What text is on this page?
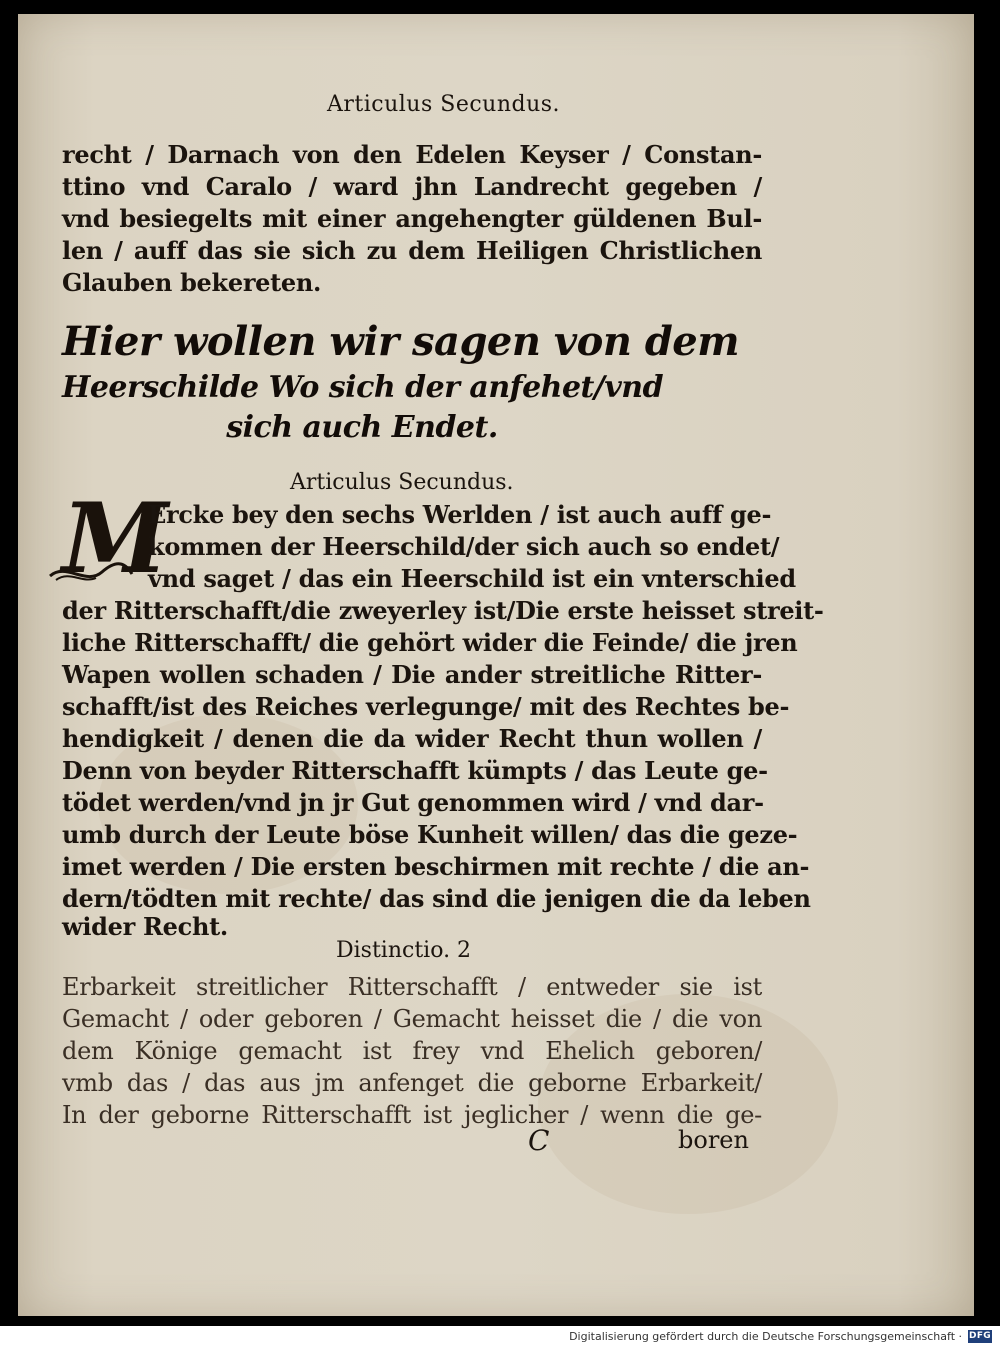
Articulus Secundus.
recht / Darnach von den Edelen Keyser / Constan-
ttino vnd Caralo / ward jhn Landrecht gegeben /
vnd besiegelts mit einer angehengter güldenen Bul-
len / auff das sie sich zu dem Heiligen Christlichen
Glauben bekereten.
Hier wollen wir sagen von dem
Heerschilde Wo sich der anfehet/vnd
sich auch Endet.
Articulus Secundus.
M
Ercke bey den sechs Werlden / ist auch auff ge-
kommen der Heerschild/der sich auch so endet/
vnd saget / das ein Heerschild ist ein vnterschied
der Ritterschafft/die zweyerley ist/Die erste heisset streit-
liche Ritterschafft/ die gehört wider die Feinde/ die jren
Wapen wollen schaden / Die ander streitliche Ritter-
schafft/ist des Reiches verlegunge/ mit des Rechtes be-
hendigkeit / denen die da wider Recht thun wollen /
Denn von beyder Ritterschafft kümpts / das Leute ge-
tödet werden/vnd jn jr Gut genommen wird / vnd dar-
umb durch der Leute böse Kunheit willen/ das die geze-
imet werden / Die ersten beschirmen mit rechte / die an-
dern/tödten mit rechte/ das sind die jenigen die da leben
wider Recht.
Distinctio. 2
Erbarkeit streitlicher Ritterschafft / entweder sie ist
Gemacht / oder geboren / Gemacht heisset die / die von
dem Könige gemacht ist frey vnd Ehelich geboren/
vmb das / das aus jm anfenget die geborne Erbarkeit/
In der geborne Ritterschafft ist jeglicher / wenn die ge-
C	boren
Digitalisierung gefördert durch die Deutsche Forschungsgemeinschaft · DFG
